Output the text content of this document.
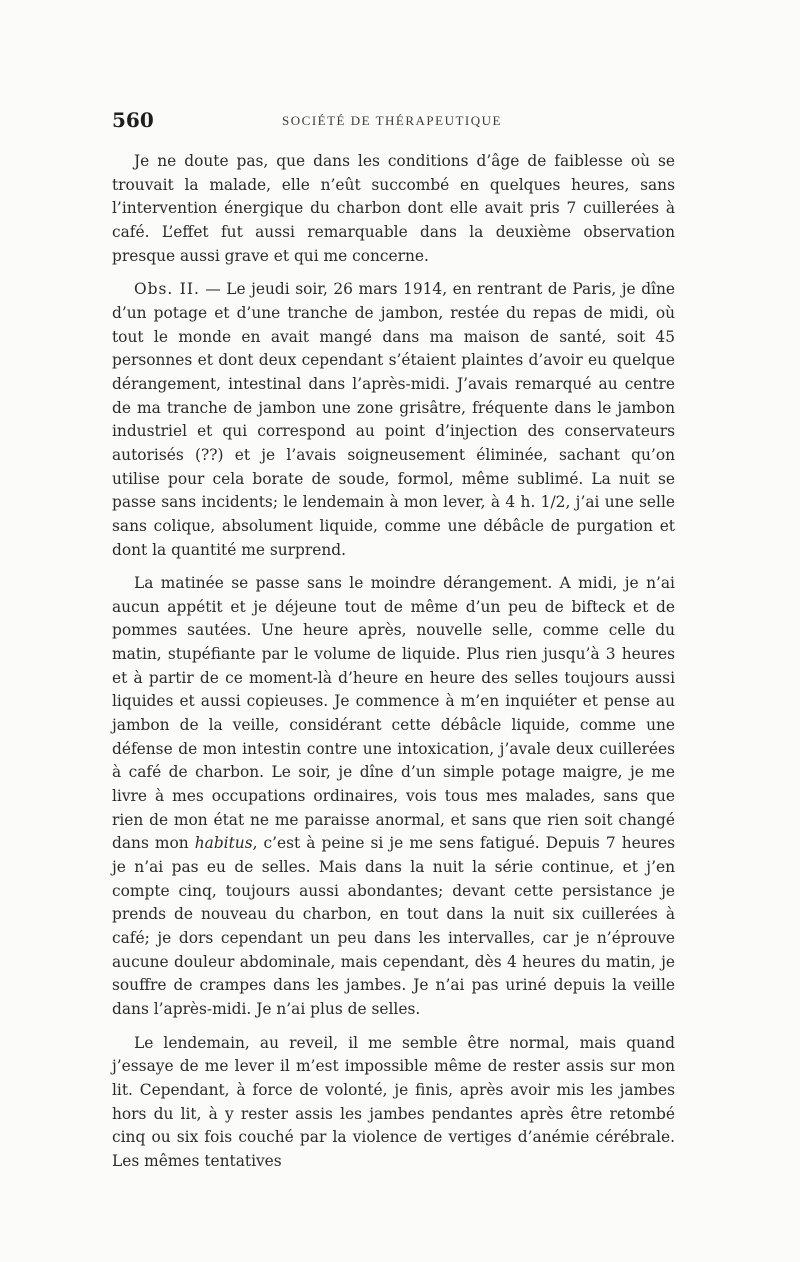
560	SOCIÉTÉ DE THÉRAPEUTIQUE

Je ne doute pas, que dans les conditions d’âge de faiblesse où se trouvait la malade, elle n’eût succombé en quelques heures, sans l’intervention énergique du charbon dont elle avait pris 7 cuillerées à café. L’effet fut aussi remarquable dans la deuxième observation presque aussi grave et qui me concerne.

Obs. II. — Le jeudi soir, 26 mars 1914, en rentrant de Paris, je dîne d’un potage et d’une tranche de jambon, restée du repas de midi, où tout le monde en avait mangé dans ma maison de santé, soit 45 personnes et dont deux cependant s’étaient plaintes d’avoir eu quelque dérangement, intestinal dans l’après-midi. J’avais remarqué au centre de ma tranche de jambon une zone grisâtre, fréquente dans le jambon industriel et qui correspond au point d’injection des conservateurs autorisés (??) et je l’avais soigneusement éliminée, sachant qu’on utilise pour cela borate de soude, formol, même sublimé. La nuit se passe sans incidents; le lendemain à mon lever, à 4 h. 1/2, j’ai une selle sans colique, absolument liquide, comme une débâcle de purgation et dont la quantité me surprend.

La matinée se passe sans le moindre dérangement. A midi, je n’ai aucun appétit et je déjeune tout de même d’un peu de bifteck et de pommes sautées. Une heure après, nouvelle selle, comme celle du matin, stupéfiante par le volume de liquide. Plus rien jusqu’à 3 heures et à partir de ce moment-là d’heure en heure des selles toujours aussi liquides et aussi copieuses. Je commence à m’en inquiéter et pense au jambon de la veille, considérant cette débâcle liquide, comme une défense de mon intestin contre une intoxication, j’avale deux cuillerées à café de charbon. Le soir, je dîne d’un simple potage maigre, je me livre à mes occupations ordinaires, vois tous mes malades, sans que rien de mon état ne me paraisse anormal, et sans que rien soit changé dans mon habitus, c’est à peine si je me sens fatigué. Depuis 7 heures je n’ai pas eu de selles. Mais dans la nuit la série continue, et j’en compte cinq, toujours aussi abondantes; devant cette persistance je prends de nouveau du charbon, en tout dans la nuit six cuillerées à café; je dors cependant un peu dans les intervalles, car je n’éprouve aucune douleur abdominale, mais cependant, dès 4 heures du matin, je souffre de crampes dans les jambes. Je n’ai pas uriné depuis la veille dans l’après-midi. Je n’ai plus de selles.

Le lendemain, au reveil, il me semble être normal, mais quand j’essaye de me lever il m’est impossible même de rester assis sur mon lit. Cependant, à force de volonté, je finis, après avoir mis les jambes hors du lit, à y rester assis les jambes pendantes après être retombé cinq ou six fois couché par la violence de vertiges d’anémie cérébrale. Les mêmes tentatives
